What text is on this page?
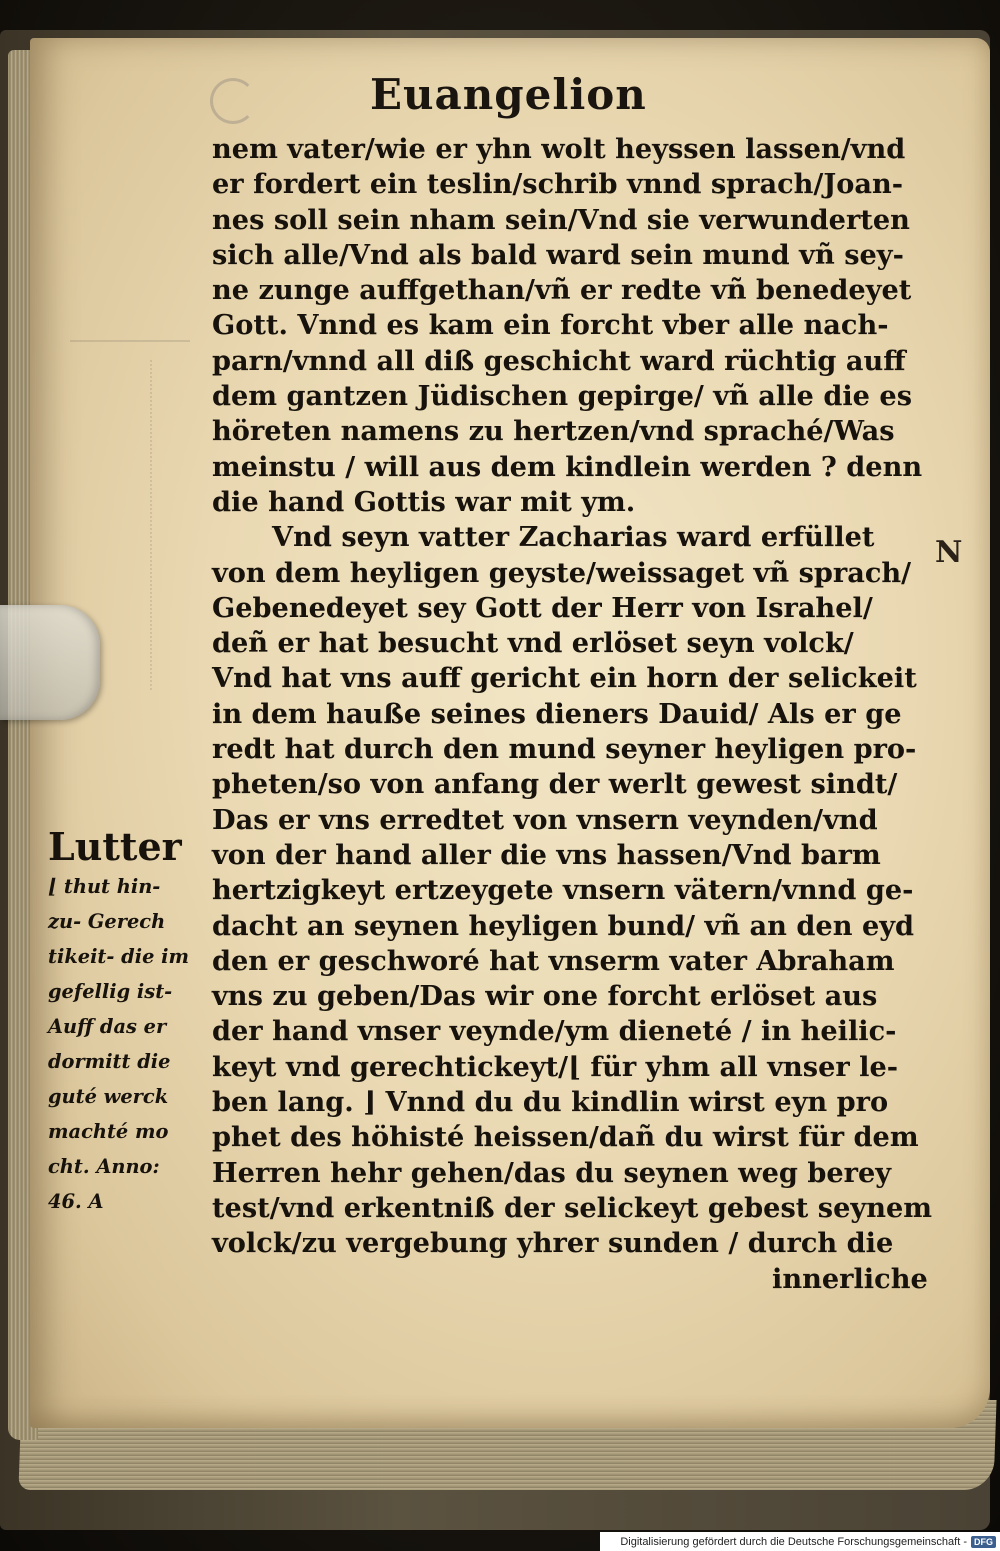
Euangelion
nem vater/wie er yhn wolt heyssen lassen/vnd
er fordert ein teslin/schrib vnnd sprach/Joan-
nes soll sein nham sein/Vnd sie verwunderten
sich alle/Vnd als bald ward sein mund vñ sey-
ne zunge auffgethan/vñ er redte vñ benedeyet
Gott. Vnnd es kam ein forcht vber alle nach-
parn/vnnd all diß geschicht ward rüchtig auff
dem gantzen Jüdischen gepirge/ vñ alle die es
höreten namens zu hertzen/vnd spraché/Was
meinstu / will aus dem kindlein werden ? denn
die hand Gottis war mit ym.
Vnd seyn vatter Zacharias ward erfüllet
von dem heyligen geyste/weissaget vñ sprach/
Gebenedeyet sey Gott der Herr von Israhel/
deñ er hat besucht vnd erlöset seyn volck/
Vnd hat vns auff gericht ein horn der selickeit
in dem hauße seines dieners Dauid/ Als er ge
redt hat durch den mund seyner heyligen pro-
pheten/so von anfang der werlt gewest sindt/
Das er vns erredtet von vnsern veynden/vnd
von der hand aller die vns hassen/Vnd barm
hertzigkeyt ertzeygete vnsern vätern/vnnd ge-
dacht an seynen heyligen bund/ vñ an den eyd
den er geschworé hat vnserm vater Abraham
vns zu geben/Das wir one forcht erlöset aus
der hand vnser veynde/ym dieneté / in heilic-
keyt vnd gerechtickeyt/⌊ für yhm all vnser le-
ben lang. ⌋ Vnnd du du kindlin wirst eyn pro
phet des höhisté heissen/dañ du wirst für dem
Herren hehr gehen/das du seynen weg berey
test/vnd erkentniß der selickeyt gebest seynem
volck/zu vergebung yhrer sunden / durch die
innerliche
Lutter
⌊ thut hin-
zu- Gerech
tikeit- die im
gefellig ist-
Auff das er
dormitt die
guté werck
machté mo
cht. Anno:
46. A
N
Digitalisierung gefördert durch die Deutsche Forschungsgemeinschaft - DFG
